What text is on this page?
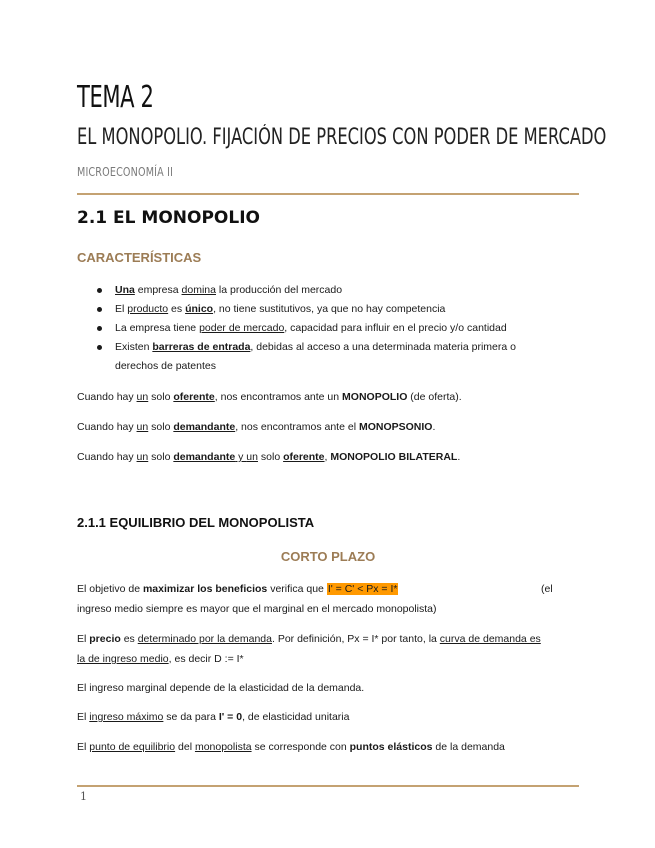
TEMA 2
EL MONOPOLIO. FIJACIÓN DE PRECIOS CON PODER DE MERCADO
MICROECONOMÍA II
2.1 EL MONOPOLIO
CARACTERÍSTICAS
Una empresa domina la producción del mercado
El producto es único, no tiene sustitutivos, ya que no hay competencia
La empresa tiene poder de mercado, capacidad para influir en el precio y/o cantidad
Existen barreras de entrada, debidas al acceso a una determinada materia primera o
derechos de patentes

Cuando hay un solo oferente, nos encontramos ante un MONOPOLIO (de oferta).

Cuando hay un solo demandante, nos encontramos ante el MONOPSONIO.

Cuando hay un solo demandante y un solo oferente, MONOPOLIO BILATERAL.

2.1.1 EQUILIBRIO DEL MONOPOLISTA
CORTO PLAZO

El objetivo de maximizar los beneficios verifica que I' = C' < Px = I*	(el

ingreso medio siempre es mayor que el marginal en el mercado monopolista)

El precio es determinado por la demanda. Por definición, Px = I* por tanto, la curva de demanda es

la de ingreso medio, es decir D := I*

El ingreso marginal depende de la elasticidad de la demanda.

El ingreso máximo se da para I' = 0, de elasticidad unitaria

El punto de equilibrio del monopolista se corresponde con puntos elásticos de la demanda

1
